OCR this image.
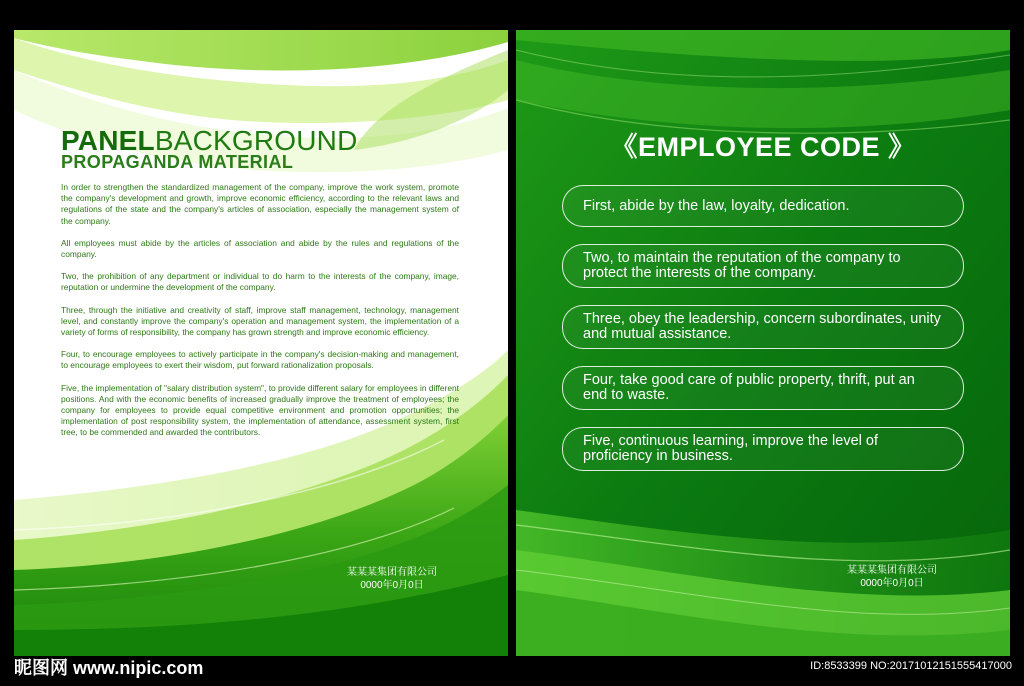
PANELBACKGROUND
PROPAGANDA MATERIAL

In order to strengthen the standardized management of the company, improve the work system, promote the company's development and growth, improve economic efficiency, according to the relevant laws and regulations of the state and the company's articles of association, especially the management system of the company.

All employees must abide by the articles of association and abide by the rules and regulations of the company.

Two, the prohibition of any department or individual to do harm to the interests of the company, image, reputation or undermine the development of the company.

Three, through the initiative and creativity of staff, improve staff management, technology, management level, and constantly improve the company's operation and management system, the implementation of a variety of forms of responsibility, the company has grown strength and improve economic efficiency.

Four, to encourage employees to actively participate in the company's decision-making and management, to encourage employees to exert their wisdom, put forward rationalization proposals.

Five, the implementation of "salary distribution system", to provide different salary for employees in different positions. And with the economic benefits of increased gradually improve the treatment of employees; the company for employees to provide equal competitive environment and promotion opportunities; the implementation of post responsibility system, the implementation of attendance, assessment system, first tree, to be commended and awarded the contributors.

某某某集团有限公司
0000年0月0日
《EMPLOYEE CODE 》
First, abide by the law, loyalty, dedication.
Two, to maintain the reputation of the company to protect the interests of the company.
Three, obey the leadership, concern subordinates, unity and mutual assistance.
Four, take good care of public property, thrift, put an end to waste.
Five, continuous learning, improve the level of proficiency in business.
某某某集团有限公司
0000年0月0日
昵图网 www.nipic.com	ID:8533399 NO:20171012151555417000
